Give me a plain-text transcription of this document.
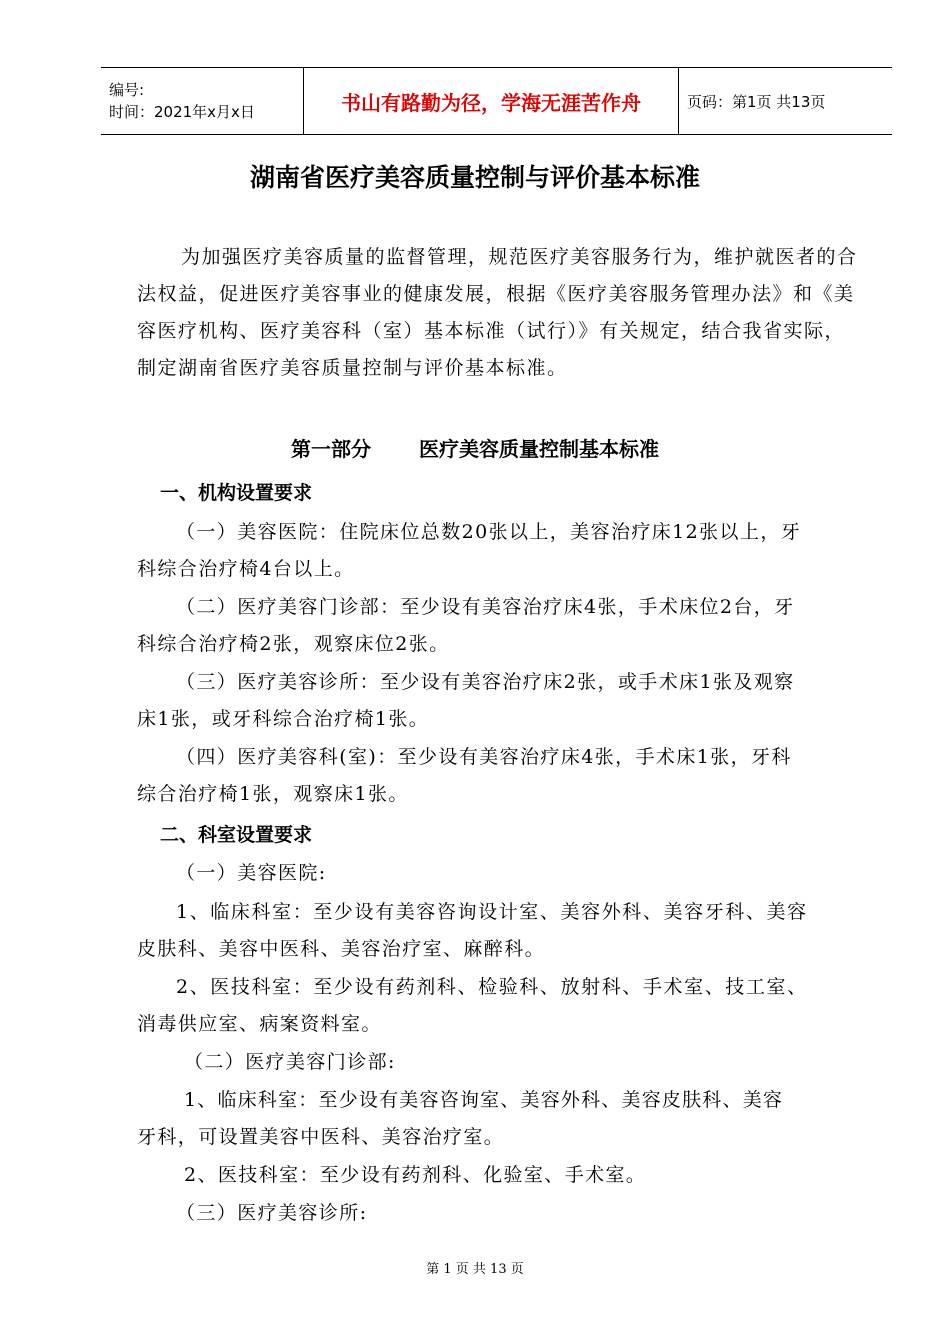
编号:
时间：2021年x月x日	书山有路勤为径，学海无涯苦作舟	页码：第1页 共13页
湖南省医疗美容质量控制与评价基本标准

为加强医疗美容质量的监督管理，规范医疗美容服务行为，维护就医者的合法权益，促进医疗美容事业的健康发展，根据《医疗美容服务管理办法》和《美容医疗机构、医疗美容科（室）基本标准（试行）》有关规定，结合我省实际，制定湖南省医疗美容质量控制与评价基本标准。

第一部分 医疗美容质量控制基本标准
一、机构设置要求
（一）美容医院：住院床位总数20张以上，美容治疗床12张以上，牙
科综合治疗椅4台以上。
（二）医疗美容门诊部：至少设有美容治疗床4张，手术床位2台，牙
科综合治疗椅2张，观察床位2张。
（三）医疗美容诊所：至少设有美容治疗床2张，或手术床1张及观察
床1张，或牙科综合治疗椅1张。
（四）医疗美容科(室)：至少设有美容治疗床4张，手术床1张，牙科
综合治疗椅1张，观察床1张。
二、科室设置要求
（一）美容医院:
1、临床科室：至少设有美容咨询设计室、美容外科、美容牙科、美容
皮肤科、美容中医科、美容治疗室、麻醉科。
2、医技科室：至少设有药剂科、检验科、放射科、手术室、技工室、
消毒供应室、病案资料室。
（二）医疗美容门诊部:
1、临床科室：至少设有美容咨询室、美容外科、美容皮肤科、美容
牙科，可设置美容中医科、美容治疗室。
2、医技科室：至少设有药剂科、化验室、手术室。
（三）医疗美容诊所:
第 1 页 共 13 页
